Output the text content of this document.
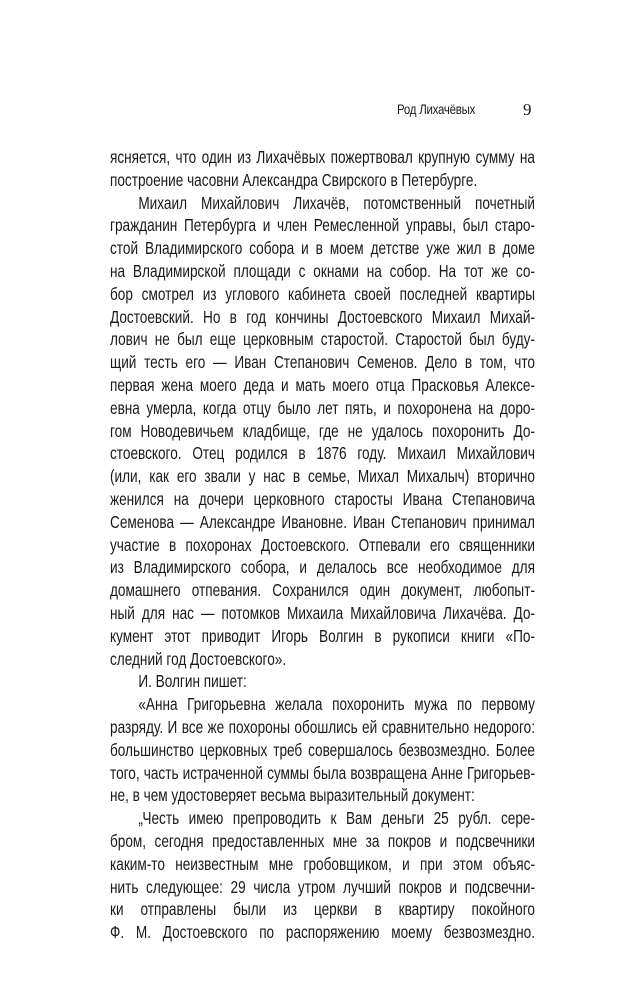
Род Лихачёвых	9
ясняется, что один из Лихачёвых пожертвовал крупную сумму на
построение часовни Александра Свирского в Петербурге.
Михаил Михайлович Лихачёв, потомственный почетный
гражданин Петербурга и член Ремесленной управы, был старо-
стой Владимирского собора и в моем детстве уже жил в доме
на Владимирской площади с окнами на собор. На тот же со-
бор смотрел из углового кабинета своей последней квартиры
Достоевский. Но в год кончины Достоевского Михаил Михай-
лович не был еще церковным старостой. Старостой был буду-
щий тесть его — Иван Степанович Семенов. Дело в том, что
первая жена моего деда и мать моего отца Прасковья Алексе-
евна умерла, когда отцу было лет пять, и похоронена на доро-
гом Новодевичьем кладбище, где не удалось похоронить До-
стоевского. Отец родился в 1876 году. Михаил Михайлович
(или, как его звали у нас в семье, Михал Михалыч) вторично
женился на дочери церковного старосты Ивана Степановича
Семенова — Александре Ивановне. Иван Степанович принимал
участие в похоронах Достоевского. Отпевали его священники
из Владимирского собора, и делалось все необходимое для
домашнего отпевания. Сохранился один документ, любопыт-
ный для нас — потомков Михаила Михайловича Лихачёва. До-
кумент этот приводит Игорь Волгин в рукописи книги «По-
следний год Достоевского».
И. Волгин пишет:
«Анна Григорьевна желала похоронить мужа по первому
разряду. И все же похороны обошлись ей сравнительно недорого:
большинство церковных треб совершалось безвозмездно. Более
того, часть истраченной суммы была возвращена Анне Григорьев-
не, в чем удостоверяет весьма выразительный документ:
„Честь имею препроводить к Вам деньги 25 рубл. сере-
бром, сегодня предоставленных мне за покров и подсвечники
каким-то неизвестным мне гробовщиком, и при этом объяс-
нить следующее: 29 числа утром лучший покров и подсвечни-
ки отправлены были из церкви в квартиру покойного
Ф. М. Достоевского по распоряжению моему безвозмездно.
